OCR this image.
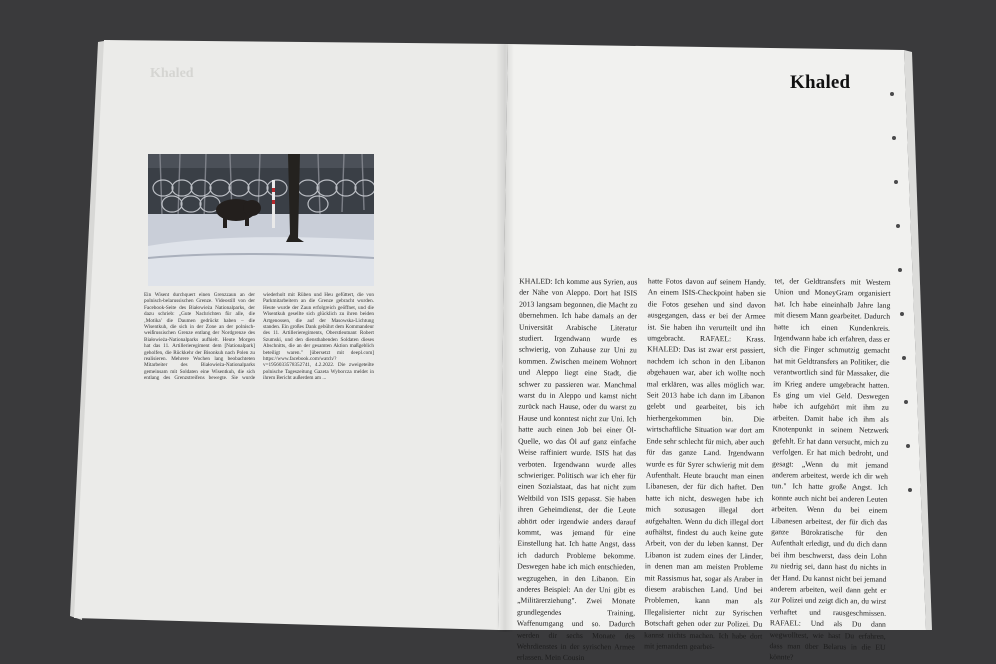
Khaled
Ein Wisent durchquert einen Grenzzaun an der polnisch-belarussischen Grenze. Videostill von der Facebook-Seite des Białowieża Nationalparks, der dazu schrieb: „Gute Nachrichten für alle, die ‚Motika' die Daumen gedrückt haben – die Wisentkuh, die sich in der Zone an der polnisch-weißrussischen Grenze entlang der Nordgrenze des Białowieża-Nationalparks aufhielt. Heute Morgen hat das 11. Artillerieregiment dem [Nationalpark] geholfen, die Rückkehr der Bisonkuh nach Polen zu realisieren. Mehrere Wochen lang beobachteten Mitarbeiter des Białowieża-Nationalparks gemeinsam mit Soldaten eine Wisentkuh, die sich entlang des Grenzstreifens bewegte. Sie wurde wiederholt mit Rüben und Heu gefüttert, die von Parkmitarbeitern an die Grenze gebracht wurden. Heute wurde der Zaun erfolgreich geöffnet, und die Wisentkuh gesellte sich glücklich zu ihren beiden Artgenossen, die auf der Masowska-Lichtung standen. Ein großes Dank gebührt dem Kommandeur des 11. Artillerieregiments, Oberstleutnant Robert Szumski, und den diensthabenden Soldaten dieses Abschnitts, die an der gesamten Aktion maßgeblich beteiligt waren." [übersetzt mit deepl.com] https://www.facebook.com/watch/?v=1956033578352741, 4.2.2022. Die zweigeteilte polnische Tageszeitung Gazeta Wyborcza meldet in ihrem Bericht außerdem am ...
Khaled
KHALED: Ich komme aus Syrien, aus der Nähe von Aleppo. Dort hat ISIS 2013 langsam begonnen, die Macht zu übernehmen. Ich habe damals an der Universität Arabische Literatur studiert. Irgendwann wurde es schwierig, von Zuhause zur Uni zu kommen. Zwischen meinem Wohnort und Aleppo liegt eine Stadt, die schwer zu passieren war. Manchmal warst du in Aleppo und kamst nicht zurück nach Hause, oder du warst zu Hause und konntest nicht zur Uni. Ich hatte auch einen Job bei einer Öl-Quelle, wo das Öl auf ganz einfache Weise raffiniert wurde. ISIS hat das verboten. Irgendwann wurde alles schwieriger. Politisch war ich eher für einen Sozialstaat, das hat nicht zum Weltbild von ISIS gepasst. Sie haben ihren Geheimdienst, der die Leute abhört oder irgendwie anders darauf kommt, was jemand für eine Einstellung hat. Ich hatte Angst, dass ich dadurch Probleme bekomme. Deswegen habe ich mich entschieden, wegzugehen, in den Libanon. Ein anderes Beispiel: An der Uni gibt es „Militärerziehung". Zwei Monate grundlegendes Training, Waffenumgang und so. Dadurch werden dir sechs Monate des Wehrdienstes in der syrischen Armee erlassen. Mein Cousin
hatte Fotos davon auf seinem Handy. An einem ISIS-Checkpoint haben sie die Fotos gesehen und sind davon ausgegangen, dass er bei der Armee ist. Sie haben ihn verurteilt und ihn umgebracht. RAFAEL: Krass. KHALED: Das ist zwar erst passiert, nachdem ich schon in den Libanon abgehauen war, aber ich wollte noch mal erklären, was alles möglich war. Seit 2013 habe ich dann im Libanon gelebt und gearbeitet, bis ich hierhergekommen bin. Die wirtschaftliche Situation war dort am Ende sehr schlecht für mich, aber auch für das ganze Land. Irgendwann wurde es für Syrer schwierig mit dem Aufenthalt. Heute braucht man einen Libanesen, der für dich haftet. Den hatte ich nicht, deswegen habe ich mich sozusagen illegal dort aufgehalten. Wenn du dich illegal dort aufhältst, findest du auch keine gute Arbeit, von der du leben kannst. Der Libanon ist zudem eines der Länder, in denen man am meisten Probleme mit Rassismus hat, sogar als Araber in diesem arabischen Land. Und bei Problemen, kann man als Illegalisierter nicht zur Syrischen Botschaft gehen oder zur Polizei. Du kannst nichts machen. Ich habe dort mit jemandem gearbei-
tet, der Geldtransfers mit Western Union und MoneyGram organisiert hat. Ich habe eineinhalb Jahre lang mit diesem Mann gearbeitet. Dadurch hatte ich einen Kundenkreis. Irgendwann habe ich erfahren, dass er sich die Finger schmutzig gemacht hat mit Geldtransfers an Politiker, die verantwortlich sind für Massaker, die im Krieg andere umgebracht hatten. Es ging um viel Geld. Deswegen habe ich aufgehört mit ihm zu arbeiten. Damit habe ich ihm als Knotenpunkt in seinem Netzwerk gefehlt. Er hat dann versucht, mich zu verfolgen. Er hat mich bedroht, und gesagt: „Wenn du mit jemand anderem arbeitest, werde ich dir weh tun." Ich hatte große Angst. Ich konnte auch nicht bei anderen Leuten arbeiten. Wenn du bei einem Libanesen arbeitest, der für dich das ganze Bürokratische für den Aufenthalt erledigt, und du dich dann bei ihm beschwerst, dass dein Lohn zu niedrig sei, dann hast du nichts in der Hand. Du kannst nicht bei jemand anderem arbeiten, weil dann geht er zur Polizei und zeigt dich an, du wirst verhaftet und rausgeschmissen. RAFAEL: Und als Du dann wegwolltest, wie hast Du erfahren, dass man über Belarus in die EU könnte?
